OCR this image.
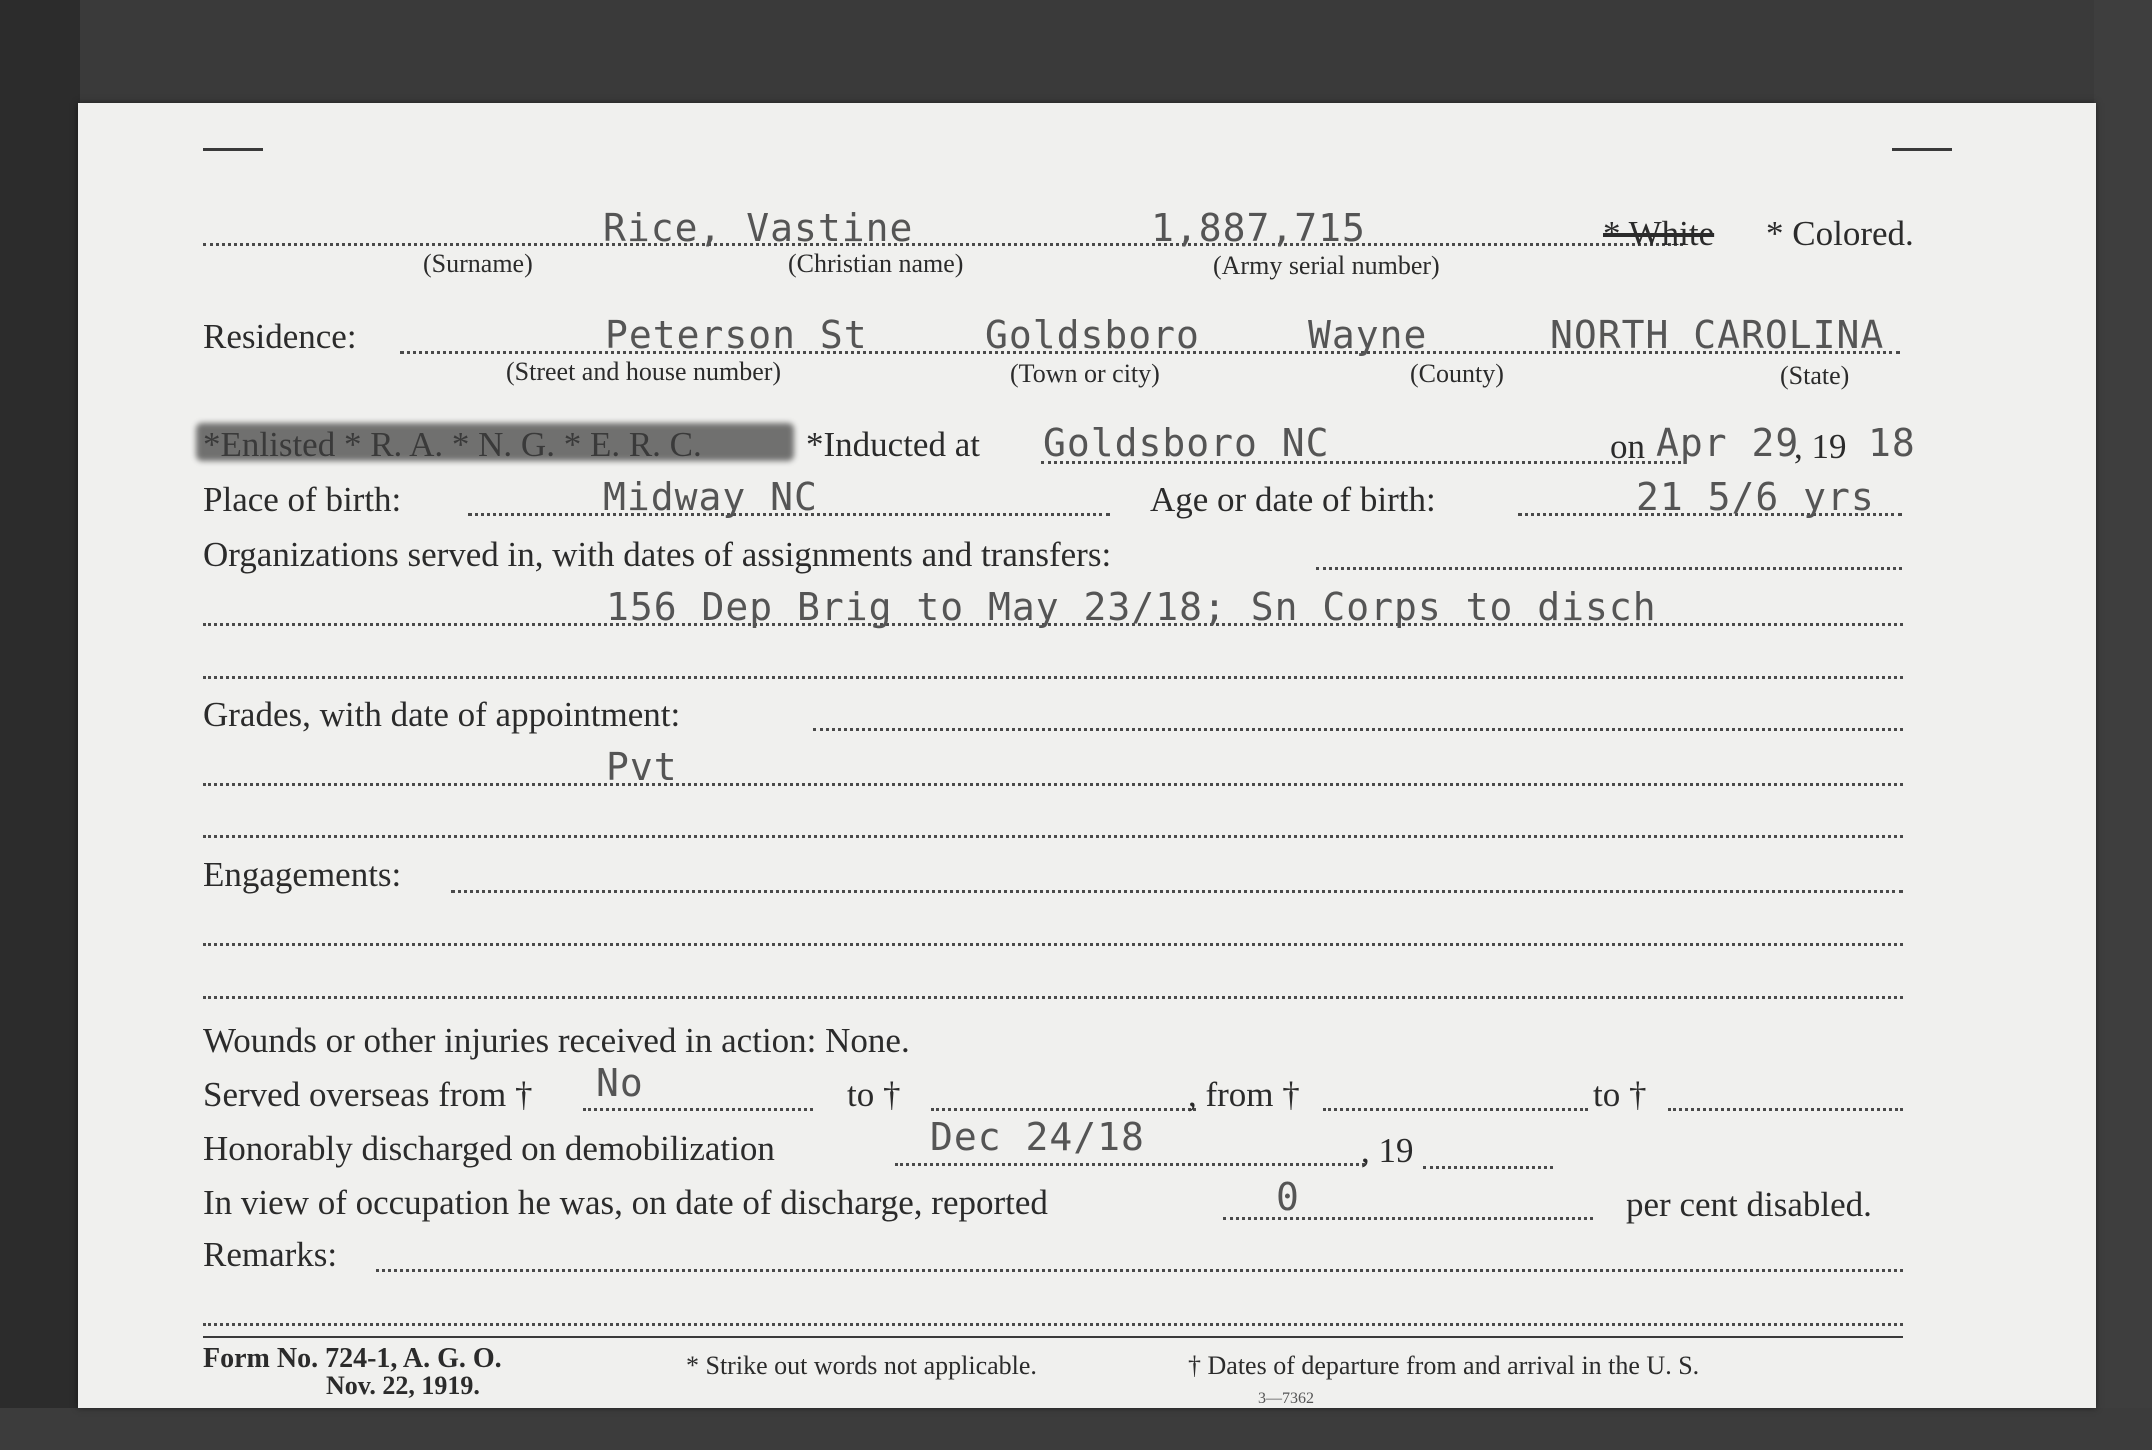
Rice, Vastine	1,887,715	* White * Colored.
(Surname)	(Christian name)	(Army serial number)
Residence:	Peterson St	Goldsboro	Wayne	NORTH CAROLINA
(Street and house number)	(Town or city)	(County)	(State)
*Enlisted * R. A. * N. G. * E. R. C.	*Inducted at Goldsboro NC	on Apr 29
, 19 18
Place of birth:	Midway NC	Age or date of birth:	21 5/6 yrs
Organizations served in, with dates of assignments and transfers:
156 Dep Brig to May 23/18; Sn Corps to disch
Grades, with date of appointment:
Pvt
Engagements:
Wounds or other injuries received in action: None.
Served overseas from † No	to †	, from †	to †
Honorably discharged on demobilization	Dec 24/18	, 19
In view of occupation he was, on date of discharge, reported	0	per cent disabled.
Remarks:
Form No. 724-1, A. G. O.
Nov. 22, 1919.
* Strike out words not applicable.	† Dates of departure from and arrival in the U. S.
3—7362
